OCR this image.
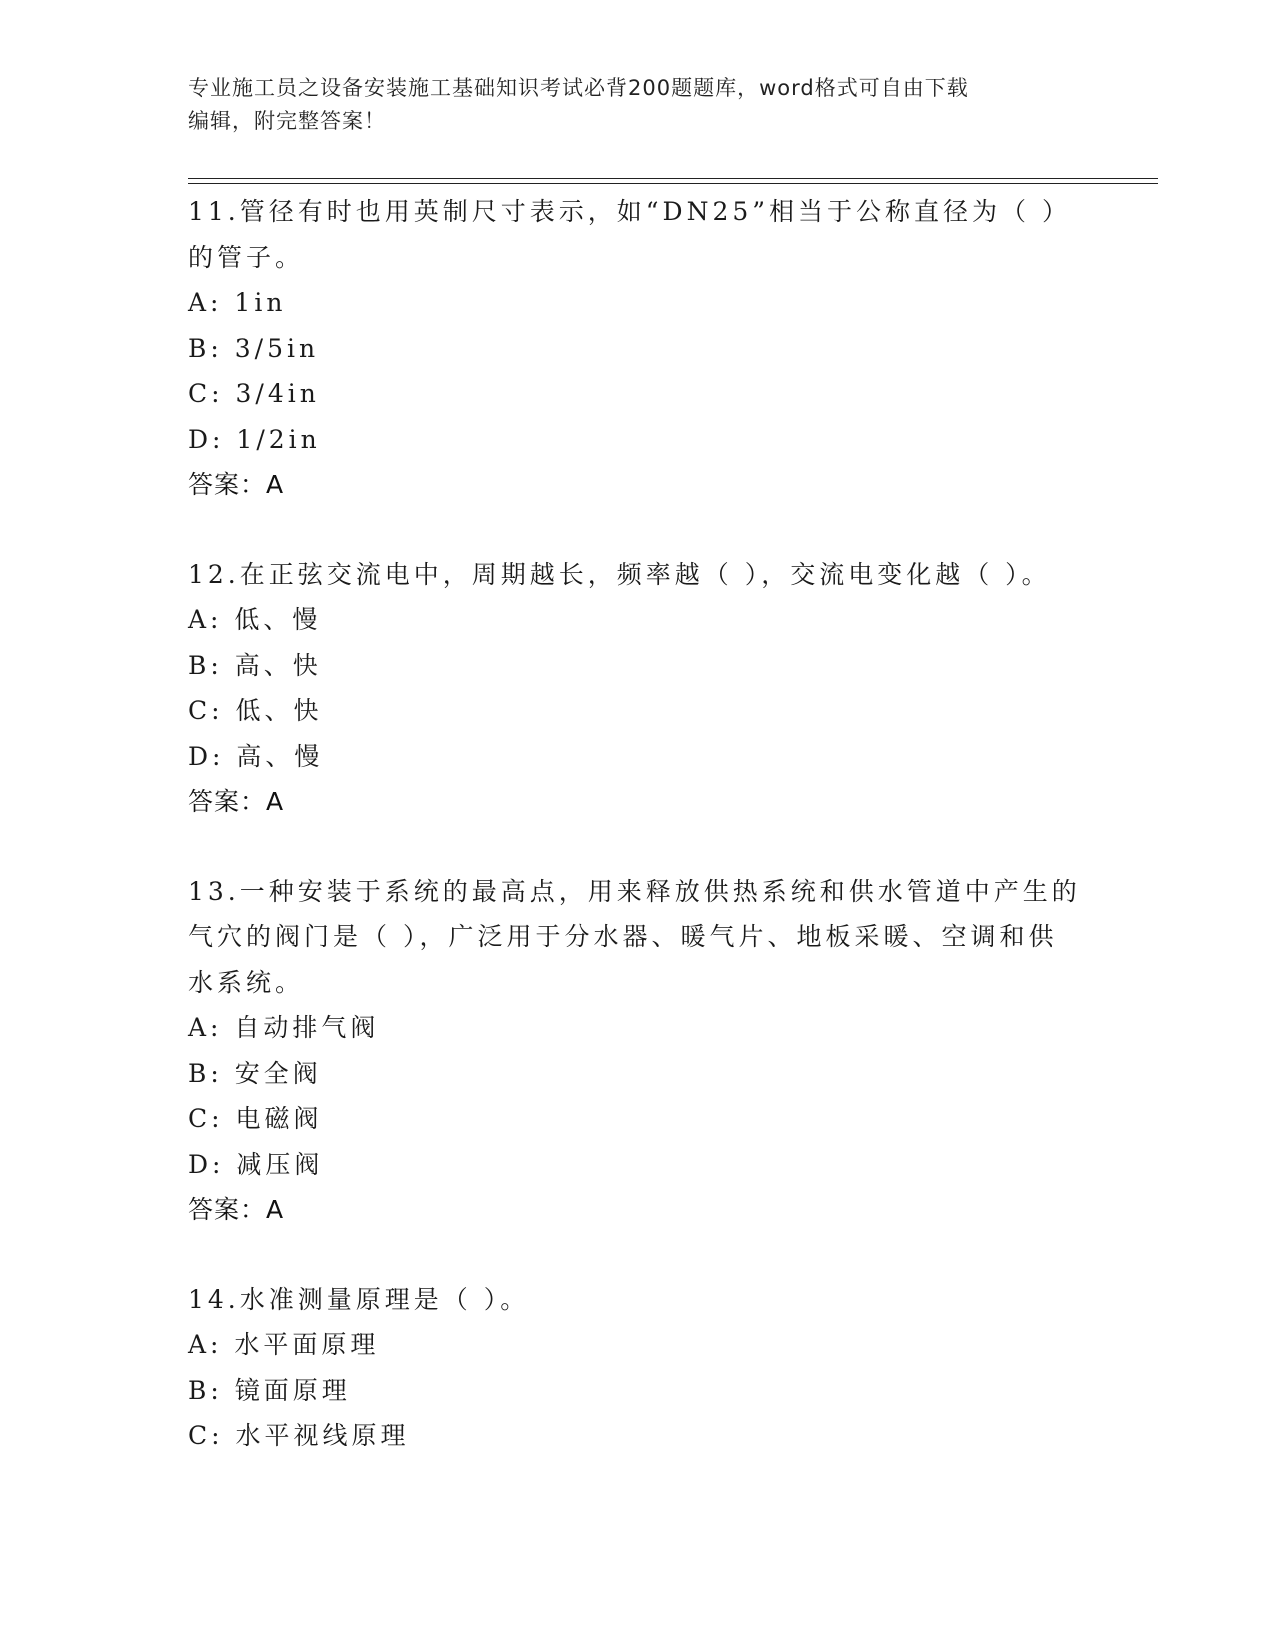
专业施工员之设备安装施工基础知识考试必背200题题库，word格式可自由下载
编辑，附完整答案！
11.管径有时也用英制尺寸表示，如“DN25”相当于公称直径为（ ）
的管子。
A: 1in
B: 3/5in
C: 3/4in
D: 1/2in
答案：A
12.在正弦交流电中，周期越长，频率越（ ），交流电变化越（ ）。
A: 低、慢
B: 高、快
C: 低、快
D: 高、慢
答案：A
13.一种安装于系统的最高点，用来释放供热系统和供水管道中产生的
气穴的阀门是（ ），广泛用于分水器、暖气片、地板采暖、空调和供
水系统。
A: 自动排气阀
B: 安全阀
C: 电磁阀
D: 减压阀
答案：A
14.水准测量原理是（ ）。
A: 水平面原理
B: 镜面原理
C: 水平视线原理
